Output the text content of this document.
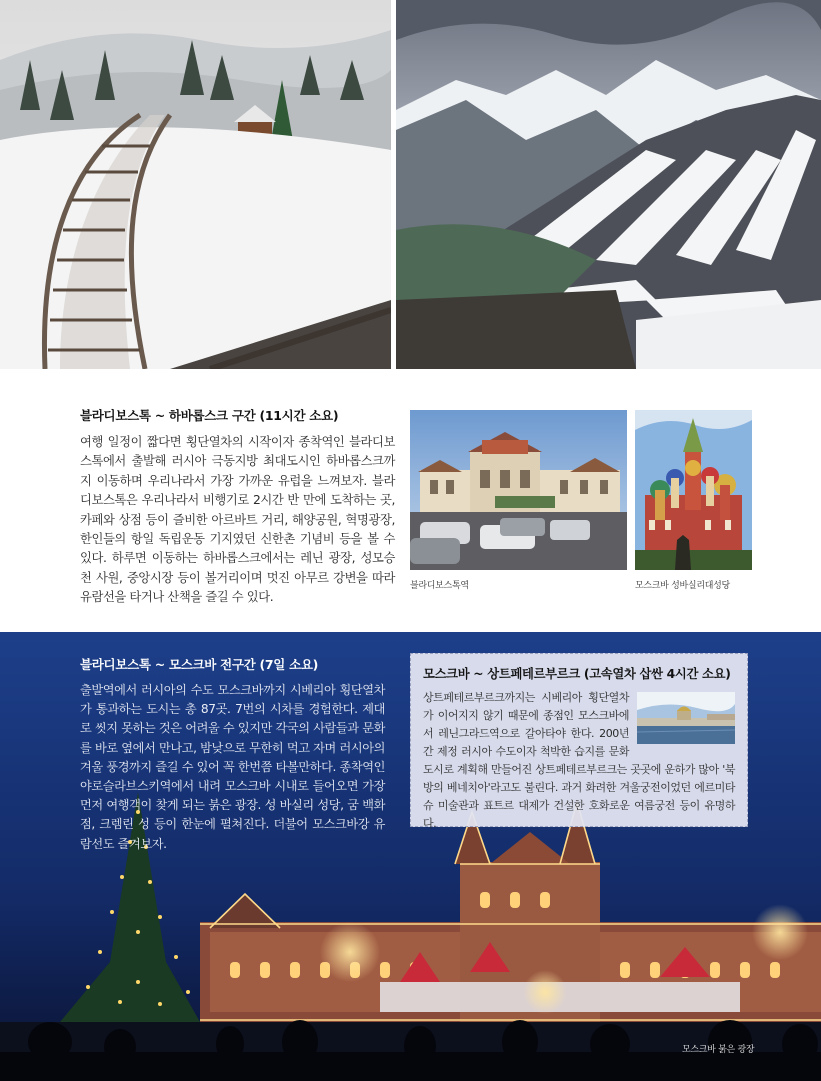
블라디보스톡 ~ 하바롭스크 구간 (11시간 소요)

여행 일정이 짧다면 횡단열차의 시작이자 종착역인 블라디보스톡에서 출발해 러시아 극동지방 최대도시인 하바롭스크까지 이동하며 우리나라서 가장 가까운 유럽을 느껴보자. 블라디보스톡은 우리나라서 비행기로 2시간 반 만에 도착하는 곳, 카페와 상점 등이 즐비한 아르바트 거리, 해양공원, 혁명광장, 한인들의 항일 독립운동 기지였던 신한촌 기념비 등을 볼 수 있다. 하루면 이동하는 하바롭스크에서는 레닌 광장, 성모승천 사원, 중앙시장 등이 볼거리이며 멋진 아무르 강변을 따라 유람선을 타거나 산책을 즐길 수 있다.

블라디보스톡역	모스크바 성바실리대성당
블라디보스톡 ~ 모스크바 전구간 (7일 소요)

출발역에서 러시아의 수도 모스크바까지 시베리아 횡단열차가 통과하는 도시는 총 87곳. 7번의 시차를 경험한다. 제대로 씻지 못하는 것은 어려울 수 있지만 각국의 사람들과 문화를 바로 옆에서 만나고, 밤낮으로 무한히 먹고 자며 러시아의 겨울 풍경까지 즐길 수 있어 꼭 한번쯤 타볼만하다. 종착역인 야로슬라브스키역에서 내려 모스크바 시내로 들어오면 가장 먼저 여행객이 찾게 되는 붉은 광장. 성 바실리 성당, 굼 백화점, 크렘린 성 등이 한눈에 펼쳐진다. 더불어 모스크바강 유람선도 즐겨보자.

모스크바 ~ 상트페테르부르크 (고속열차 삽싼 4시간 소요)

상트페테르부르크까지는 시베리아 횡단열차가 이어지지 않기 때문에 종점인 모스크바에서 레닌그라드역으로 갈아타야 한다. 200년간 제정 러시아 수도이자 척박한 습지를 문화도시로 계획해 만들어진 상트페테르부르크는 곳곳에 운하가 많아 '북방의 베네치아'라고도 불린다. 과거 화려한 겨울궁전이었던 에르미타슈 미술관과 표트르 대제가 건설한 호화로운 여름궁전 등이 유명하다.

모스크바 붉은 광장
